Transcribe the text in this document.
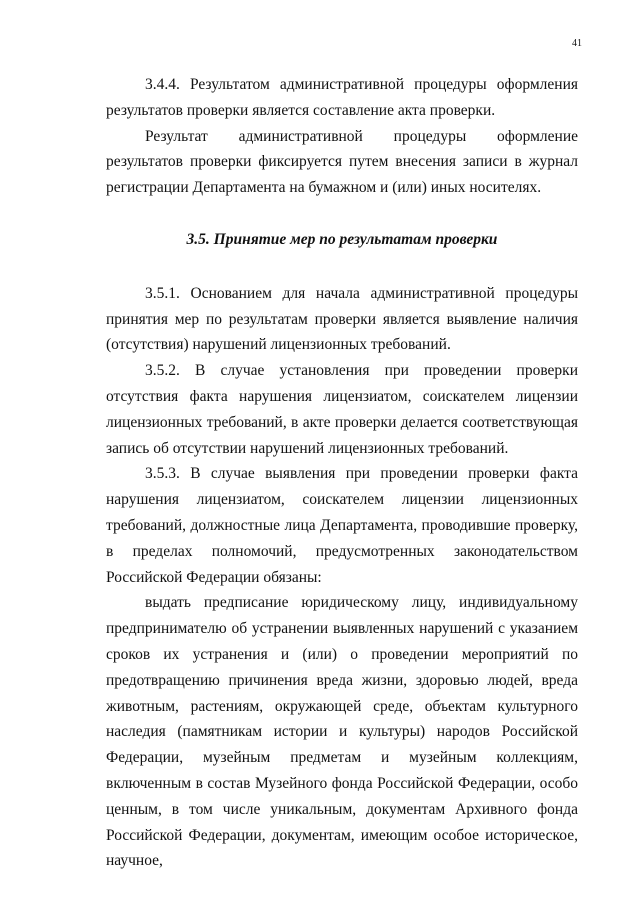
41

3.4.4. Результатом административной процедуры оформления результатов проверки является составление акта проверки.

Результат административной процедуры оформление результатов проверки фиксируется путем внесения записи в журнал регистрации Департамента на бумажном и (или) иных носителях.

3.5. Принятие мер по результатам проверки

3.5.1. Основанием для начала административной процедуры принятия мер по результатам проверки является выявление наличия (отсутствия) нарушений лицензионных требований.

3.5.2. В случае установления при проведении проверки отсутствия факта нарушения лицензиатом, соискателем лицензии лицензионных требований, в акте проверки делается соответствующая запись об отсутствии нарушений лицензионных требований.

3.5.3. В случае выявления при проведении проверки факта нарушения лицензиатом, соискателем лицензии лицензионных требований, должностные лица Департамента, проводившие проверку, в пределах полномочий, предусмотренных законодательством Российской Федерации обязаны:

выдать предписание юридическому лицу, индивидуальному предпринимателю об устранении выявленных нарушений с указанием сроков их устранения и (или) о проведении мероприятий по предотвращению причинения вреда жизни, здоровью людей, вреда животным, растениям, окружающей среде, объектам культурного наследия (памятникам истории и культуры) народов Российской Федерации, музейным предметам и музейным коллекциям, включенным в состав Музейного фонда Российской Федерации, особо ценным, в том числе уникальным, документам Архивного фонда Российской Федерации, документам, имеющим особое историческое, научное,
